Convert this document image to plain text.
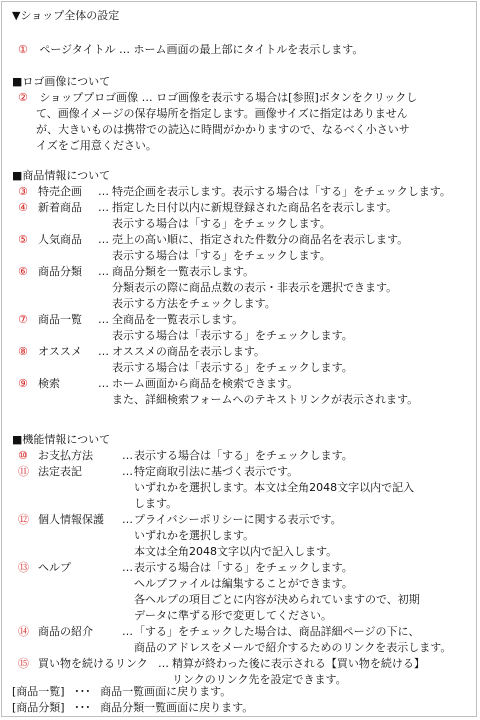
▼ショップ全体の設定
① ページタイトル … ホーム画面の最上部にタイトルを表示します。
■ロゴ画像について
② ショッププロゴ画像 … ロゴ画像を表示する場合は[参照]ボタンをクリックし
て、画像イメージの保存場所を指定します。画像サイズに指定はありません
が、大きいものは携帯での読込に時間がかかりますので、なるべく小さいサ
イズをご用意ください。
■商品情報について
③ 特売企画 … 特売企画を表示します。表示する場合は「する」をチェックします。
④ 新着商品 … 指定した日付以内に新規登録された商品名を表示します。
表示する場合は「する」をチェックします。
⑤ 人気商品 … 売上の高い順に、指定された件数分の商品名を表示します。
表示する場合は「する」をチェックします。
⑥ 商品分類 … 商品分類を一覧表示します。
分類表示の際に商品点数の表示・非表示を選択できます。
表示する方法をチェックします。
⑦ 商品一覧 … 全商品を一覧表示します。
表示する場合は「表示する」をチェックします。
⑧ オススメ … オススメの商品を表示します。
表示する場合は「表示する」をチェックします。
⑨ 検索	… ホーム画面から商品を検索できます。
また、詳細検索フォームへのテキストリンクが表示されます。
■機能情報について
⑩ お支払方法	… 表示する場合は「する」をチェックします。
⑪ 法定表記	… 特定商取引法に基づく表示です。
いずれかを選択します。本文は全角2048文字以内で記入
します。
⑫ 個人情報保護 … プライバシーポリシーに関する表示です。
いずれかを選択します。
本文は全角2048文字以内で記入します。
⑬ ヘルプ	… 表示する場合は「する」をチェックします。
ヘルプファイルは編集することができます。
各ヘルプの項目ごとに内容が決められていますので、初期
データに準ずる形で変更してください。
⑭ 商品の紹介	… 「する」をチェックした場合は、商品詳細ページの下に、
商品のアドレスをメールで紹介するためのリンクを表示します。
⑮ 買い物を続けるリンク … 精算が終わった後に表示される【買い物を続ける】
リンクのリンク先を設定できます。
[商品一覧] ･･･ 商品一覧画面に戻ります。
[商品分類] ･･･ 商品分類一覧画面に戻ります。
